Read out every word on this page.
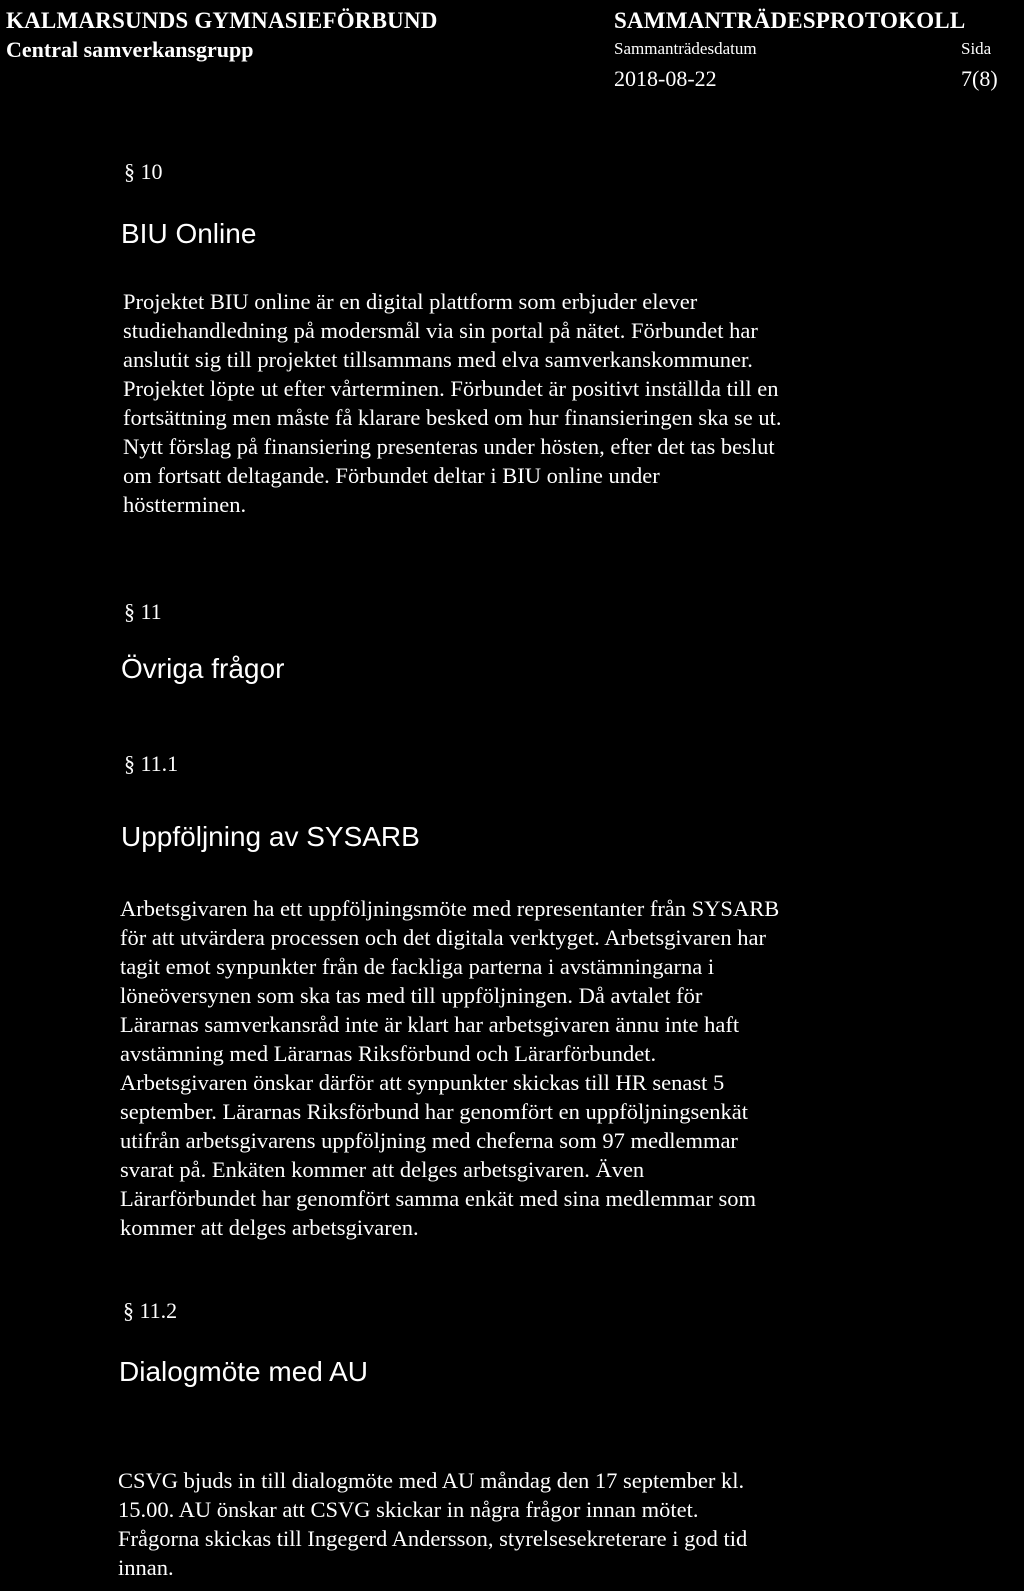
KALMARSUNDS GYMNASIEFÖRBUND
Central samverkansgrupp
SAMMANTRÄDESPROTOKOLL
Sammanträdesdatum	Sida
2018-08-22	7(8)
§ 10
BIU Online
Projektet BIU online är en digital plattform som erbjuder elever
studiehandledning på modersmål via sin portal på nätet. Förbundet har
anslutit sig till projektet tillsammans med elva samverkanskommuner.
Projektet löpte ut efter vårterminen. Förbundet är positivt inställda till en
fortsättning men måste få klarare besked om hur finansieringen ska se ut.
Nytt förslag på finansiering presenteras under hösten, efter det tas beslut
om fortsatt deltagande. Förbundet deltar i BIU online under
höstterminen.
§ 11
Övriga frågor
§ 11.1
Uppföljning av SYSARB
Arbetsgivaren ha ett uppföljningsmöte med representanter från SYSARB
för att utvärdera processen och det digitala verktyget. Arbetsgivaren har
tagit emot synpunkter från de fackliga parterna i avstämningarna i
löneöversynen som ska tas med till uppföljningen. Då avtalet för
Lärarnas samverkansråd inte är klart har arbetsgivaren ännu inte haft
avstämning med Lärarnas Riksförbund och Lärarförbundet.
Arbetsgivaren önskar därför att synpunkter skickas till HR senast 5
september. Lärarnas Riksförbund har genomfört en uppföljningsenkät
utifrån arbetsgivarens uppföljning med cheferna som 97 medlemmar
svarat på. Enkäten kommer att delges arbetsgivaren. Även
Lärarförbundet har genomfört samma enkät med sina medlemmar som
kommer att delges arbetsgivaren.
§ 11.2
Dialogmöte med AU
CSVG bjuds in till dialogmöte med AU måndag den 17 september kl.
15.00. AU önskar att CSVG skickar in några frågor innan mötet.
Frågorna skickas till Ingegerd Andersson, styrelsesekreterare i god tid
innan.
